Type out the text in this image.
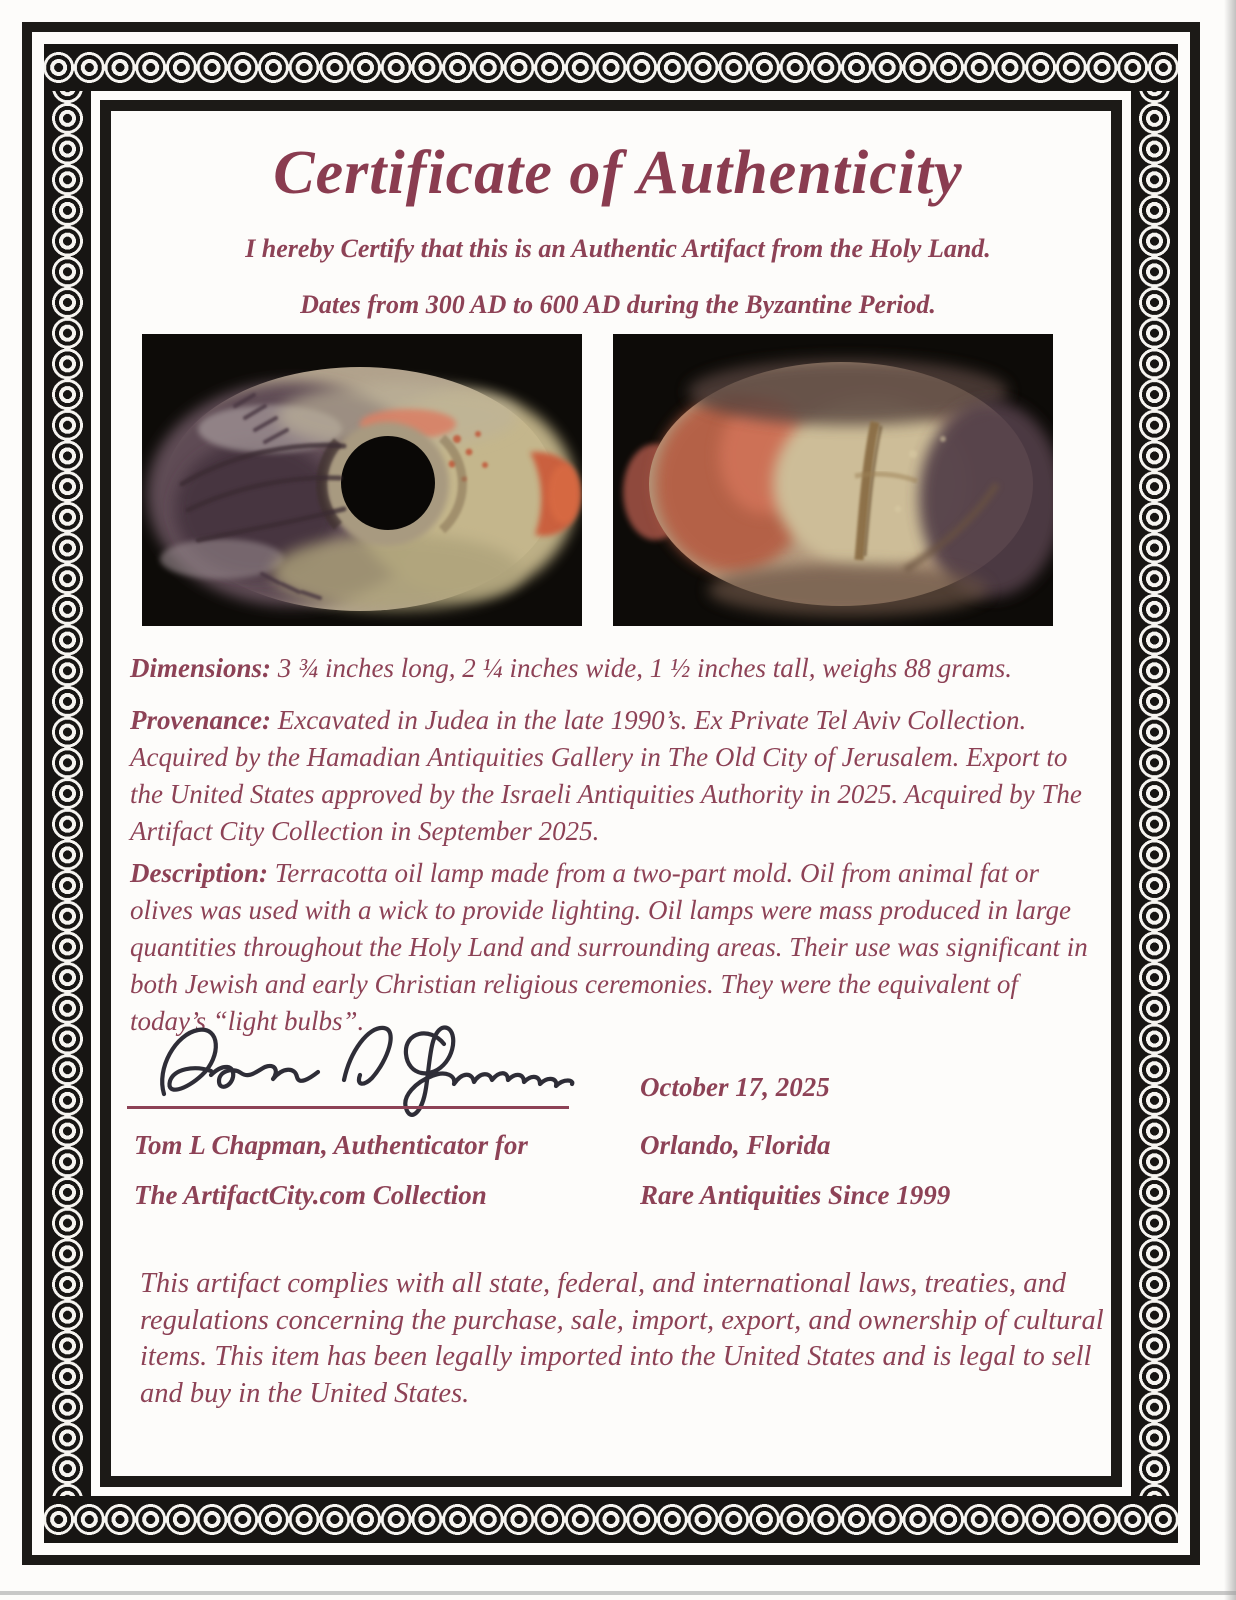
Certificate of Authenticity
I hereby Certify that this is an Authentic Artifact from the Holy Land.
Dates from 300 AD to 600 AD during the Byzantine Period.
Dimensions: 3 ¾ inches long, 2 ¼ inches wide, 1 ½ inches tall, weighs 88 grams.
Provenance: Excavated in Judea in the late 1990’s. Ex Private Tel Aviv Collection. Acquired by the Hamadian Antiquities Gallery in The Old City of Jerusalem. Export to the United States approved by the Israeli Antiquities Authority in 2025. Acquired by The Artifact City Collection in September 2025.
Description: Terracotta oil lamp made from a two-part mold. Oil from animal fat or olives was used with a wick to provide lighting. Oil lamps were mass produced in large quantities throughout the Holy Land and surrounding areas. Their use was significant in both Jewish and early Christian religious ceremonies. They were the equivalent of today’s “light bulbs”.
October 17, 2025
Tom L Chapman, Authenticator for	Orlando, Florida
The ArtifactCity.com Collection	Rare Antiquities Since 1999
This artifact complies with all state, federal, and international laws, treaties, and regulations concerning the purchase, sale, import, export, and ownership of cultural items. This item has been legally imported into the United States and is legal to sell and buy in the United States.
